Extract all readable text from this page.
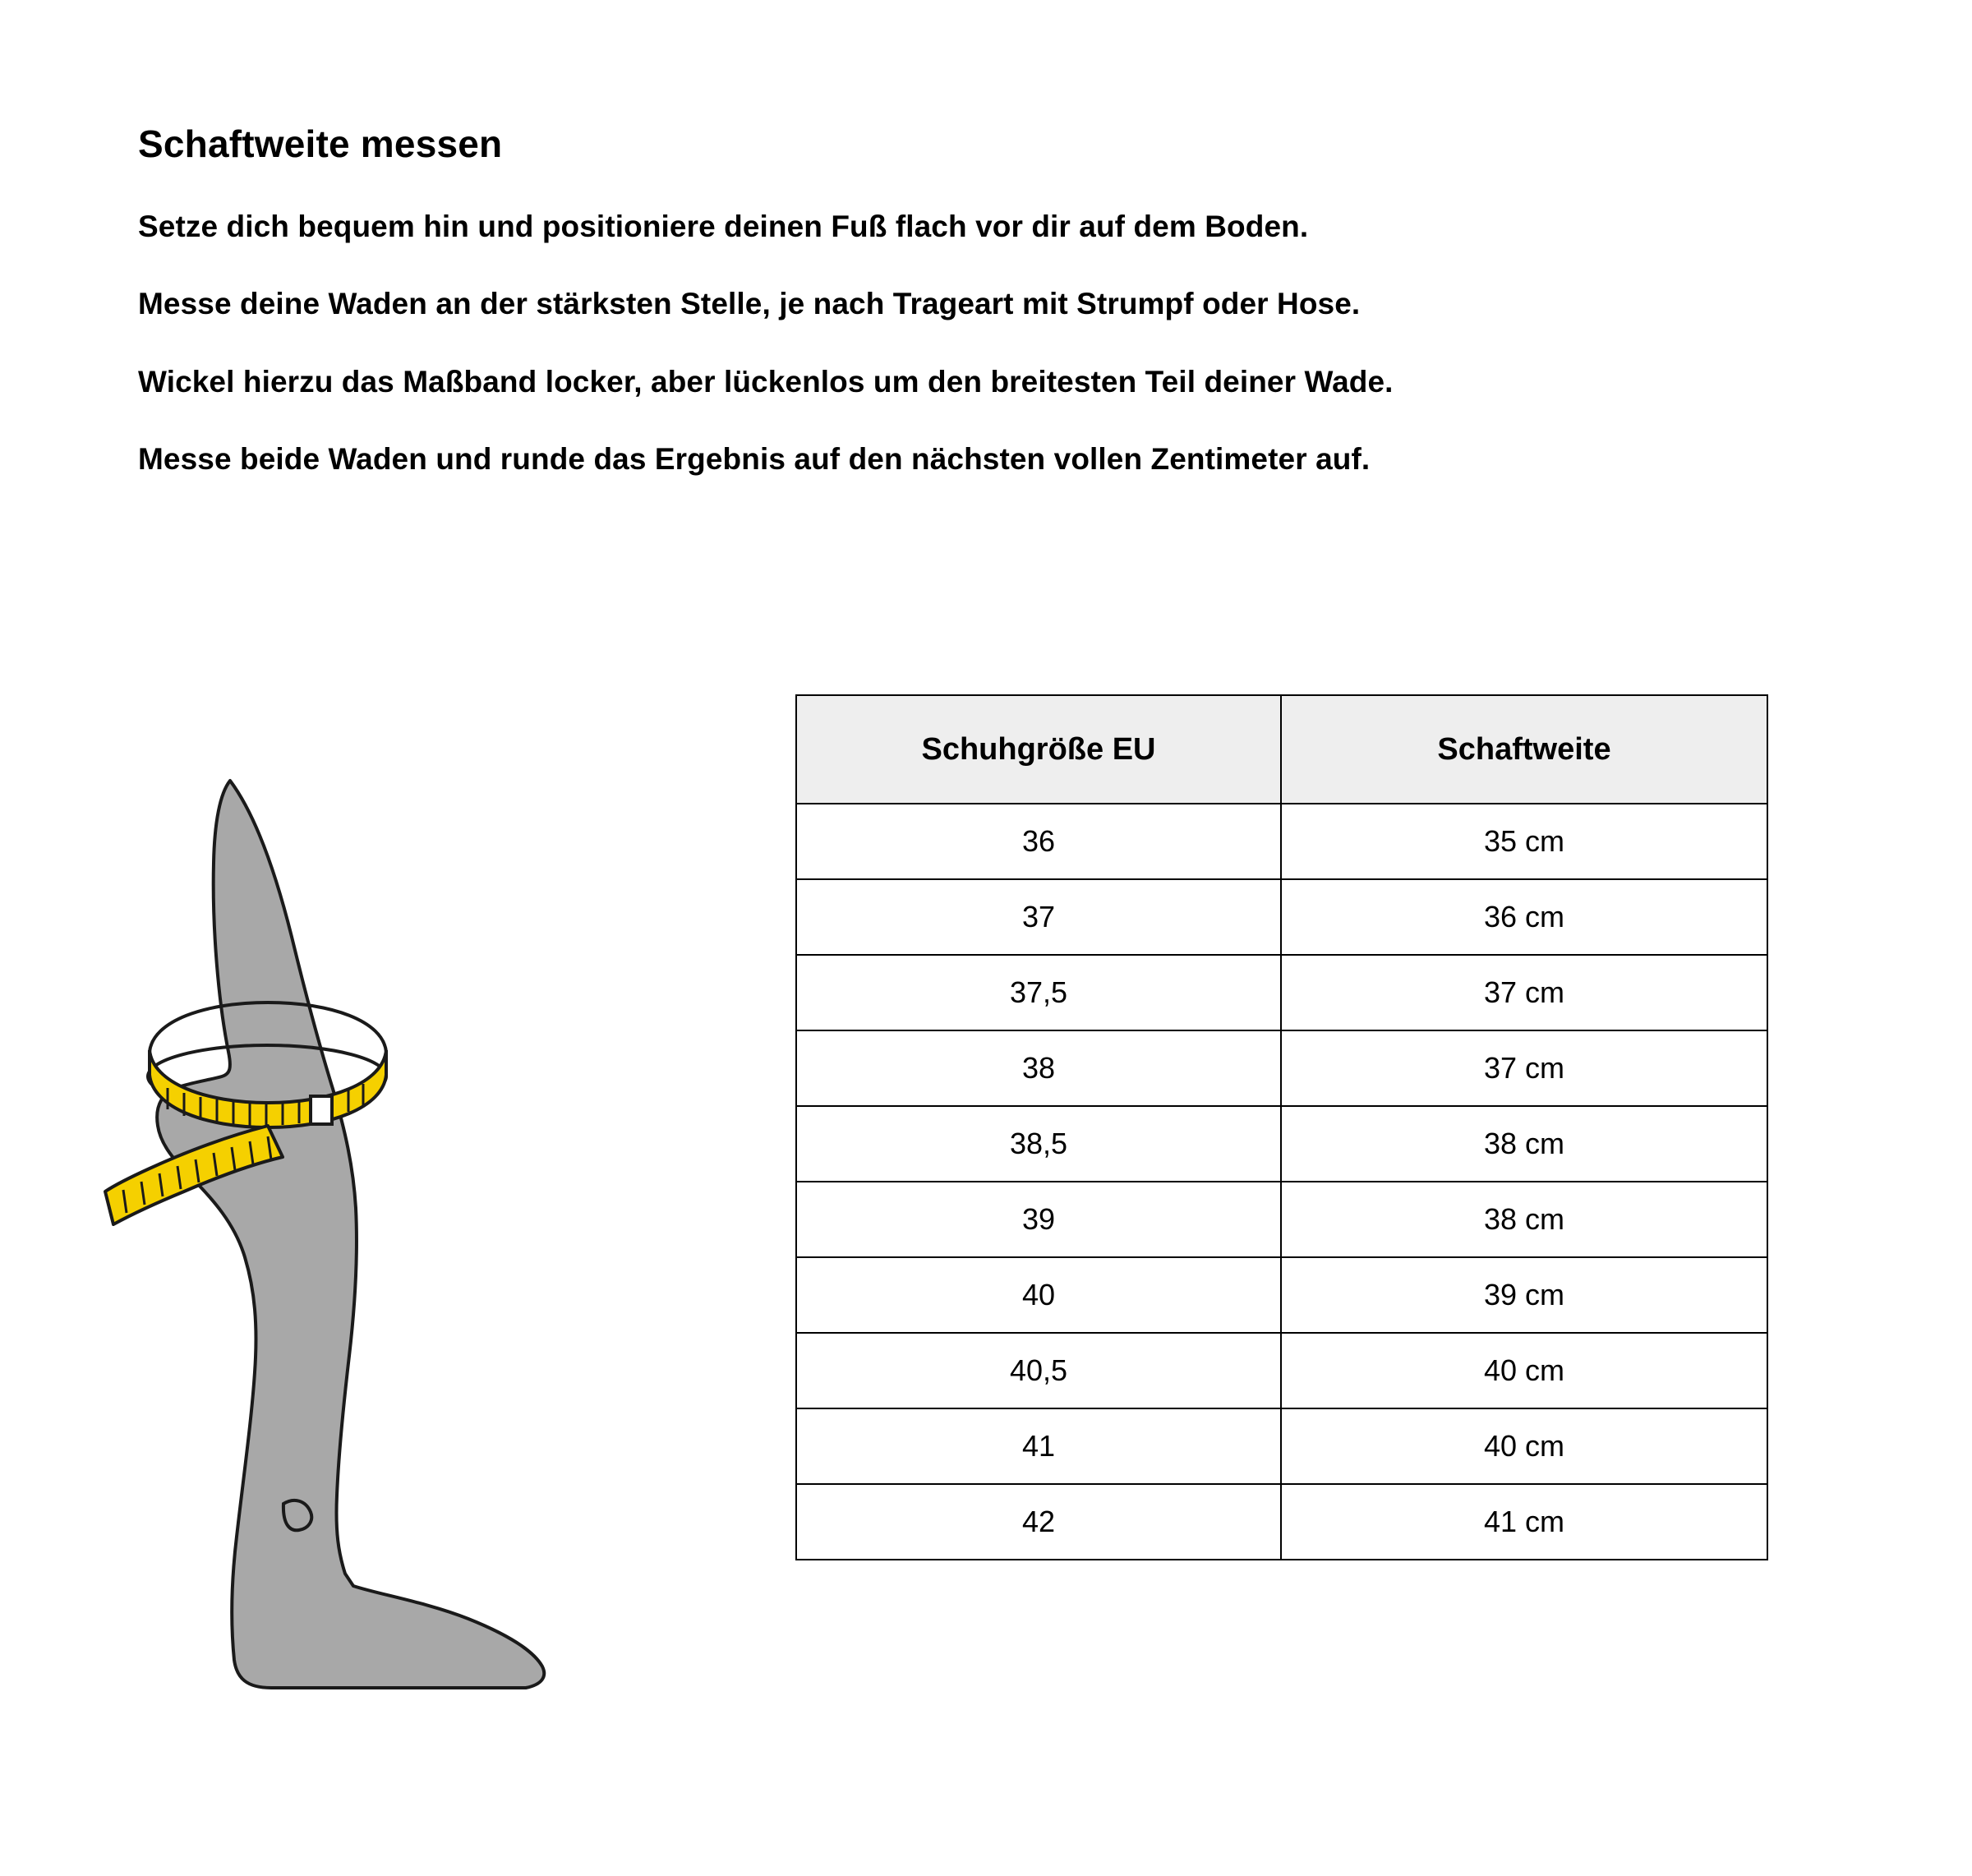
Schaftweite messen

Setze dich bequem hin und positioniere deinen Fuß flach vor dir auf dem Boden.

Messe deine Waden an der stärksten Stelle, je nach Trageart mit Strumpf oder Hose.

Wickel hierzu das Maßband locker, aber lückenlos um den breitesten Teil deiner Wade.

Messe beide Waden und runde das Ergebnis auf den nächsten vollen Zentimeter auf.

Schuhgröße EU	Schaftweite
36	35 cm
37	36 cm
37,5	37 cm
38	37 cm
38,5	38 cm
39	38 cm
40	39 cm
40,5	40 cm
41	40 cm
42	41 cm
